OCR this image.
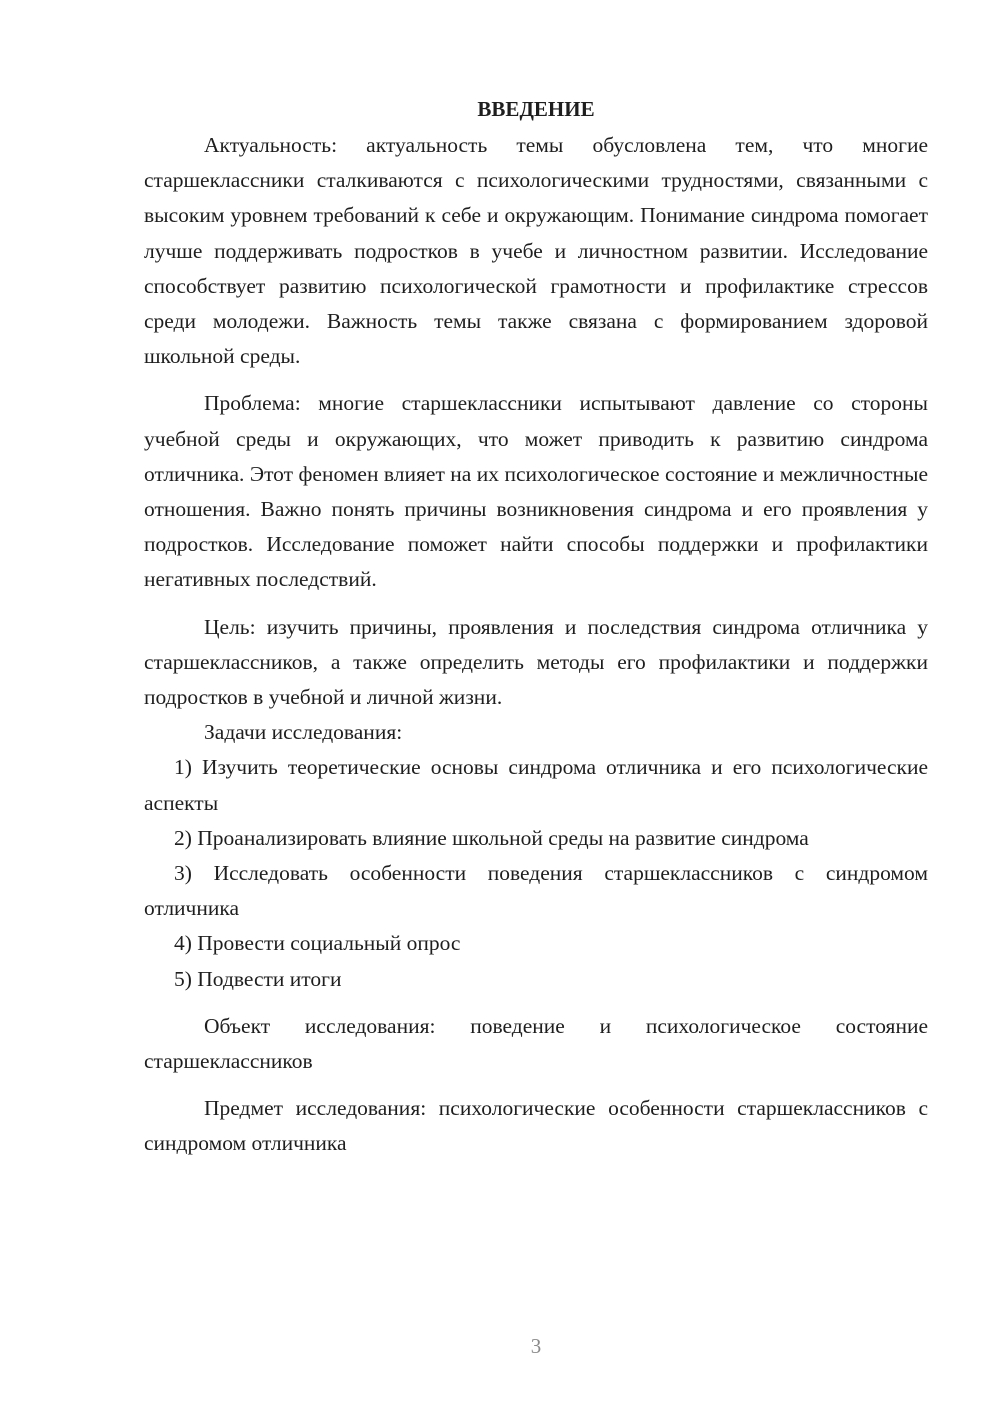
ВВЕДЕНИЕ

Актуальность: актуальность темы обусловлена тем, что многие старшеклассники сталкиваются с психологическими трудностями, связанными с высоким уровнем требований к себе и окружающим. Понимание синдрома помогает лучше поддерживать подростков в учебе и личностном развитии. Исследование способствует развитию психологической грамотности и профилактике стрессов среди молодежи. Важность темы также связана с формированием здоровой школьной среды.

Проблема: многие старшеклассники испытывают давление со стороны учебной среды и окружающих, что может приводить к развитию синдрома отличника. Этот феномен влияет на их психологическое состояние и межличностные отношения. Важно понять причины возникновения синдрома и его проявления у подростков. Исследование поможет найти способы поддержки и профилактики негативных последствий.

Цель: изучить причины, проявления и последствия синдрома отличника у старшеклассников, а также определить методы его профилактики и поддержки подростков в учебной и личной жизни.

Задачи исследования:

1) Изучить теоретические основы синдрома отличника и его психологические аспекты

2) Проанализировать влияние школьной среды на развитие синдрома

3) Исследовать особенности поведения старшеклассников с синдромом отличника

4) Провести социальный опрос

5) Подвести итоги

Объект исследования: поведение и психологическое состояние старшеклассников

Предмет исследования: психологические особенности старшеклассников с синдромом отличника

3
